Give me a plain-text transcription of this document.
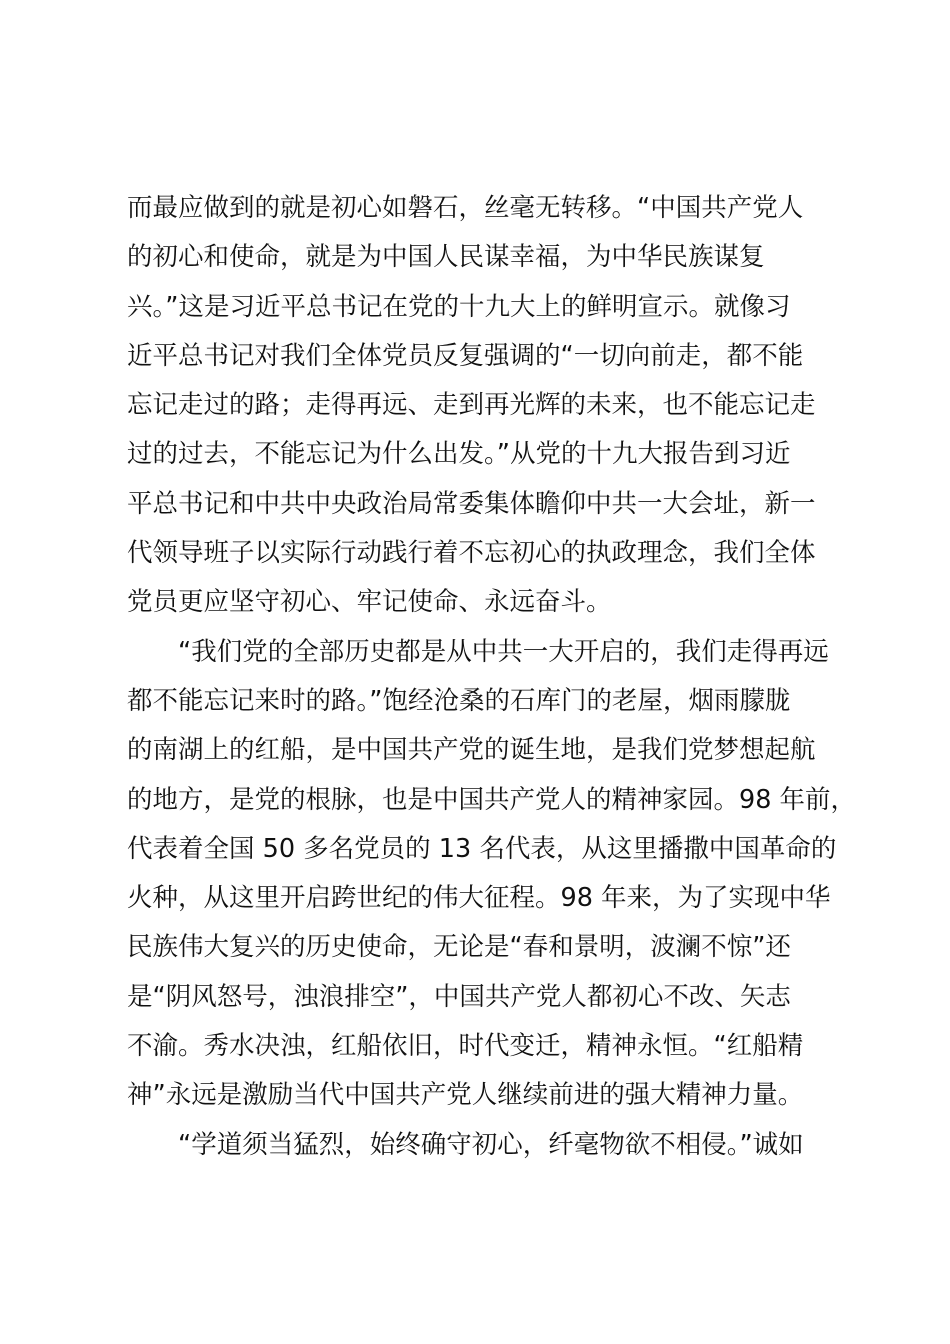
而最应做到的就是初心如磐石，丝毫无转移。“中国共产党人
的初心和使命，就是为中国人民谋幸福，为中华民族谋复
兴。”这是习近平总书记在党的十九大上的鲜明宣示。就像习
近平总书记对我们全体党员反复强调的“一切向前走，都不能
忘记走过的路；走得再远、走到再光辉的未来，也不能忘记走
过的过去，不能忘记为什么出发。”从党的十九大报告到习近
平总书记和中共中央政治局常委集体瞻仰中共一大会址，新一
代领导班子以实际行动践行着不忘初心的执政理念，我们全体
党员更应坚守初心、牢记使命、永远奋斗。
“我们党的全部历史都是从中共一大开启的，我们走得再远
都不能忘记来时的路。”饱经沧桑的石库门的老屋，烟雨朦胧
的南湖上的红船，是中国共产党的诞生地，是我们党梦想起航
的地方，是党的根脉，也是中国共产党人的精神家园。98 年前，
代表着全国 50 多名党员的 13 名代表，从这里播撒中国革命的
火种，从这里开启跨世纪的伟大征程。98 年来，为了实现中华
民族伟大复兴的历史使命，无论是“春和景明，波澜不惊”还
是“阴风怒号，浊浪排空”，中国共产党人都初心不改、矢志
不渝。秀水决浊，红船依旧，时代变迁，精神永恒。“红船精
神”永远是激励当代中国共产党人继续前进的强大精神力量。
“学道须当猛烈，始终确守初心，纤毫物欲不相侵。”诚如
